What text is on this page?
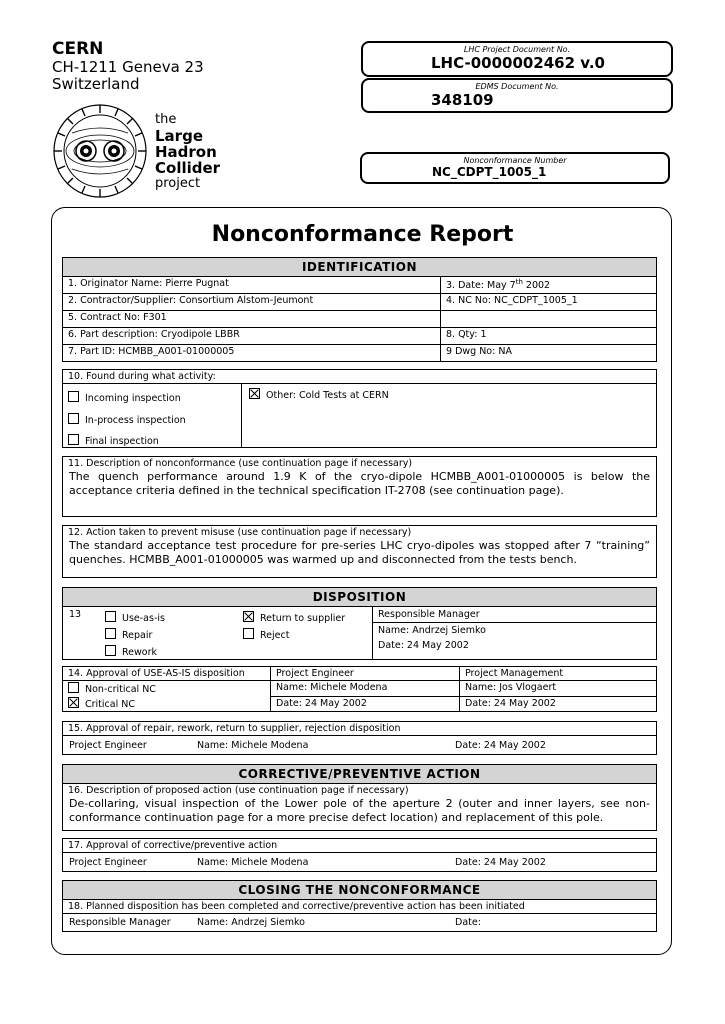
CERN
CH-1211 Geneva 23
Switzerland
the
Large
Hadron
Collider
project
LHC Project Document No.
LHC-0000002462 v.0
EDMS Document No.
348109
Nonconformance Number
NC_CDPT_1005_1
Nonconformance Report
IDENTIFICATION	
1. Originator Name: Pierre Pugnat	3. Date: May 7th 2002
2. Contractor/Supplier: Consortium Alstom-Jeumont	4. NC No: NC_CDPT_1005_1
5. Contract No: F301	
6. Part description: Cryodipole LBBR	8. Qty: 1
7. Part ID: HCMBB_A001-01000005	9 Dwg No: NA
10. Found during what activity:
Incoming inspection
In-process inspection
Final inspection
Other: Cold Tests at CERN
11. Description of nonconformance (use continuation page if necessary)
The quench performance around 1.9 K of the cryo-dipole HCMBB_A001-01000005 is below the acceptance criteria defined in the technical specification IT-2708 (see continuation page).
12. Action taken to prevent misuse (use continuation page if necessary)
The standard acceptance test procedure for pre-series LHC cryo-dipoles was stopped after 7 “training” quenches. HCMBB_A001-01000005 was warmed up and disconnected from the tests bench.
DISPOSITION
13	Use-as-is
Repair
Rework
Return to supplier
Reject
Responsible Manager
Name: Andrzej Siemko
Date: 24 May 2002
14. Approval of USE-AS-IS disposition	Project Engineer	Project Management
Non-critical NC	Name: Michele Modena	Name: Jos Vlogaert
Critical NC	Date: 24 May 2002	Date: 24 May 2002
15. Approval of repair, rework, return to supplier, rejection disposition
Project Engineer	Name: Michele Modena	Date: 24 May 2002
CORRECTIVE/PREVENTIVE ACTION
16. Description of proposed action (use continuation page if necessary)
De-collaring, visual inspection of the Lower pole of the aperture 2 (outer and inner layers, see non-conformance continuation page for a more precise defect location) and replacement of this pole.
17. Approval of corrective/preventive action
Project Engineer	Name: Michele Modena	Date: 24 May 2002
CLOSING THE NONCONFORMANCE
18. Planned disposition has been completed and corrective/preventive action has been initiated
Responsible Manager	Name: Andrzej Siemko	Date:
